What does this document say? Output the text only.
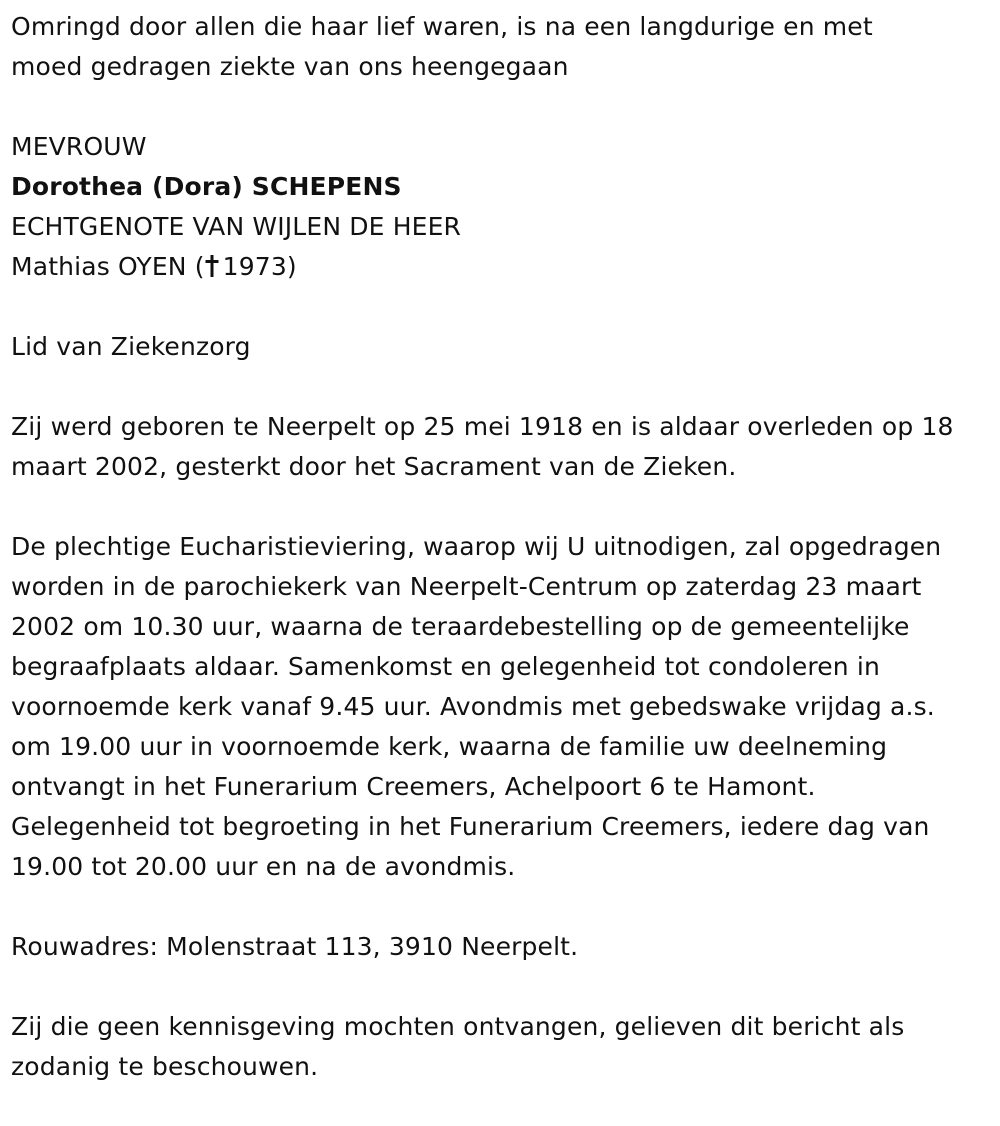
Omringd door allen die haar lief waren, is na een langdurige en met
moed gedragen ziekte van ons heengegaan

MEVROUW
Dorothea (Dora) SCHEPENS
ECHTGENOTE VAN WIJLEN DE HEER
Mathias OYEN ( 1973)

Lid van Ziekenzorg

Zij werd geboren te Neerpelt op 25 mei 1918 en is aldaar overleden op 18
maart 2002, gesterkt door het Sacrament van de Zieken.

De plechtige Eucharistieviering, waarop wij U uitnodigen, zal opgedragen
worden in de parochiekerk van Neerpelt-Centrum op zaterdag 23 maart
2002 om 10.30 uur, waarna de teraardebestelling op de gemeentelijke
begraafplaats aldaar. Samenkomst en gelegenheid tot condoleren in
voornoemde kerk vanaf 9.45 uur. Avondmis met gebedswake vrijdag a.s.
om 19.00 uur in voornoemde kerk, waarna de familie uw deelneming
ontvangt in het Funerarium Creemers, Achelpoort 6 te Hamont.
Gelegenheid tot begroeting in het Funerarium Creemers, iedere dag van
19.00 tot 20.00 uur en na de avondmis.

Rouwadres: Molenstraat 113, 3910 Neerpelt.

Zij die geen kennisgeving mochten ontvangen, gelieven dit bericht als
zodanig te beschouwen.
